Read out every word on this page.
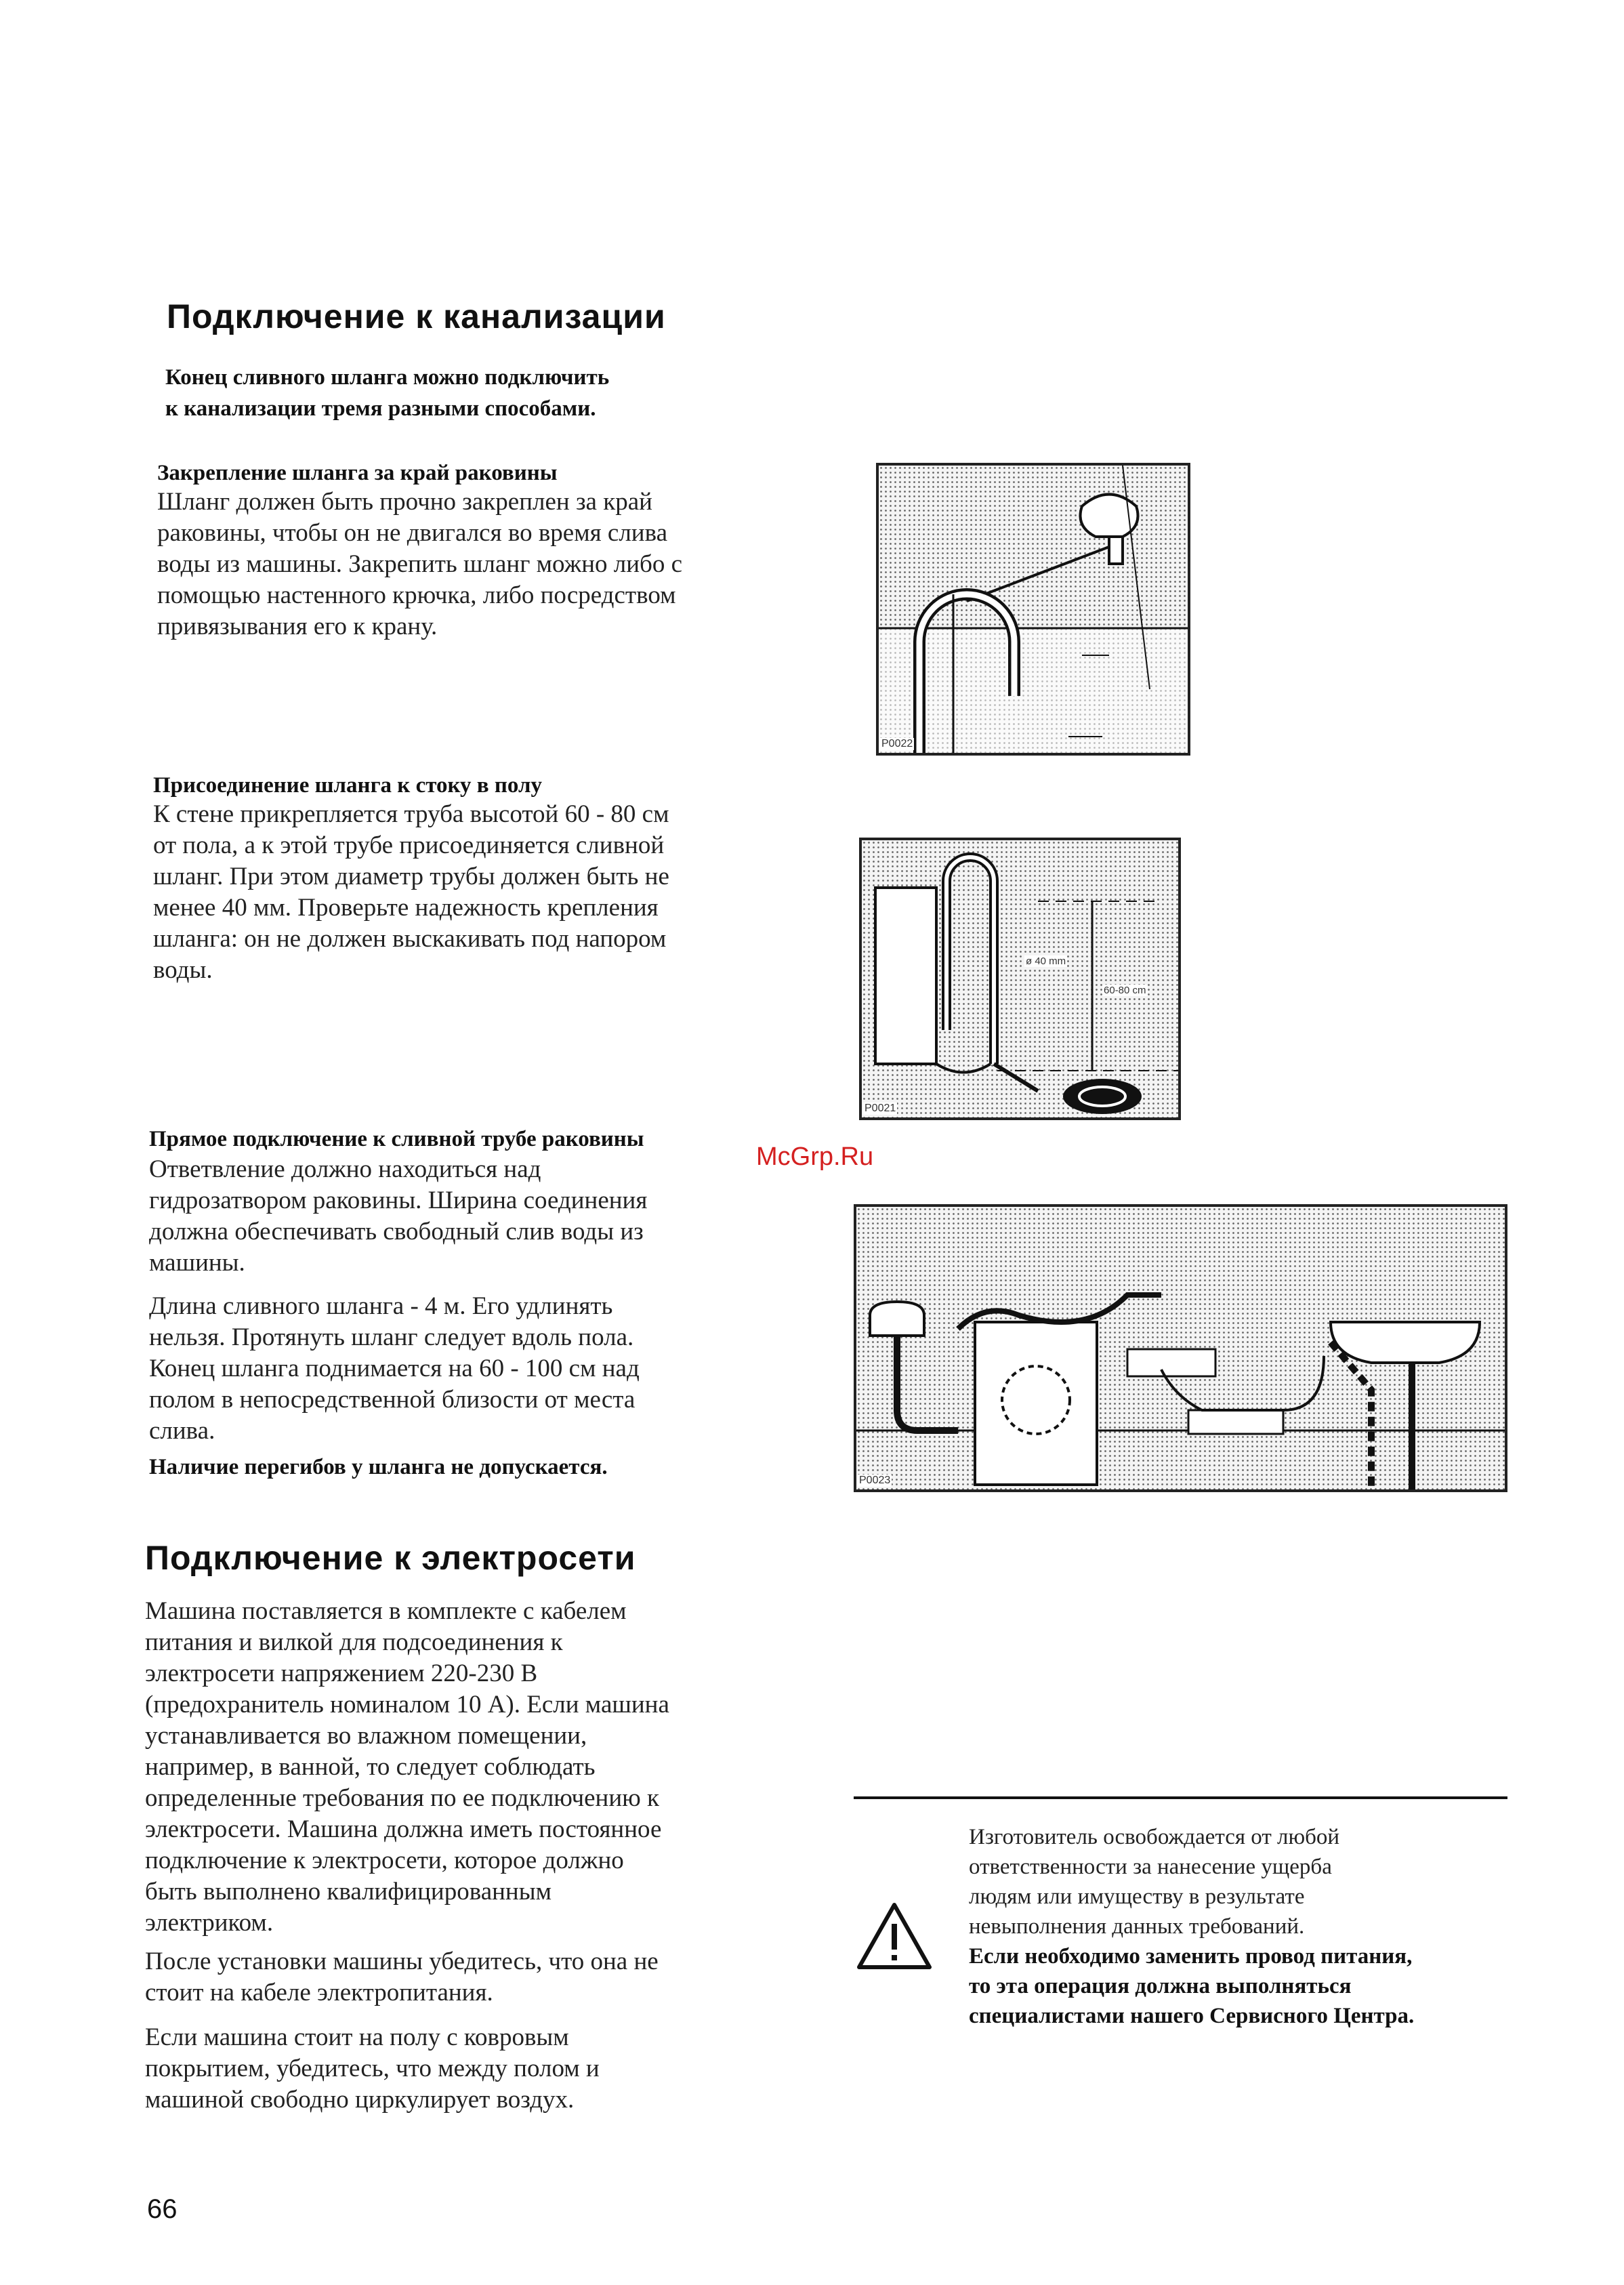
Подключение к канализации
Конец сливного шланга можно подключить
к канализации тремя разными способами.
Закрепление шланга за край раковины
Шланг должен быть прочно закреплен за край
раковины, чтобы он не двигался во время слива
воды из машины. Закрепить шланг можно либо с
помощью настенного крючка, либо посредством
привязывания его к крану.
P0022
Присоединение шланга к стоку в полу
К стене прикрепляется труба высотой 60 - 80 см
от пола, а к этой трубе присоединяется сливной
шланг. При этом диаметр трубы должен быть не
менее 40 мм. Проверьте надежность крепления
шланга: он не должен выскакивать под напором
воды.	ø 40 mm
60-80 cm
P0021
Прямое подключение к сливной трубе раковины
McGrp.Ru
Ответвление должно находиться над
гидрозатвором раковины. Ширина соединения
должна обеспечивать свободный слив воды из
машины.
Длина сливного шланга - 4 м. Его удлинять
нельзя. Протянуть шланг следует вдоль пола.
Конец шланга поднимается на 60 - 100 см над
полом в непосредственной близости от места
слива.
Наличие перегибов у шланга не допускается.
P0023
Подключение к электросети
Машина поставляется в комплекте с кабелем
питания и вилкой для подсоединения к
электросети напряжением 220-230 В
(предохранитель номиналом 10 А). Если машина
устанавливается во влажном помещении,
например, в ванной, то следует соблюдать
определенные требования по ее подключению к
электросети. Машина должна иметь постоянное
подключение к электросети, которое должно
быть выполнено квалифицированным
электриком.
После установки машины убедитесь, что она не
стоит на кабеле электропитания.
Если машина стоит на полу с ковровым
покрытием, убедитесь, что между полом и
машиной свободно циркулирует воздух.
Изготовитель освобождается от любой
ответственности за нанесение ущерба
людям или имуществу в результате
невыполнения данных требований.
Если необходимо заменить провод питания,
то эта операция должна выполняться
специалистами нашего Сервисного Центра.
66
